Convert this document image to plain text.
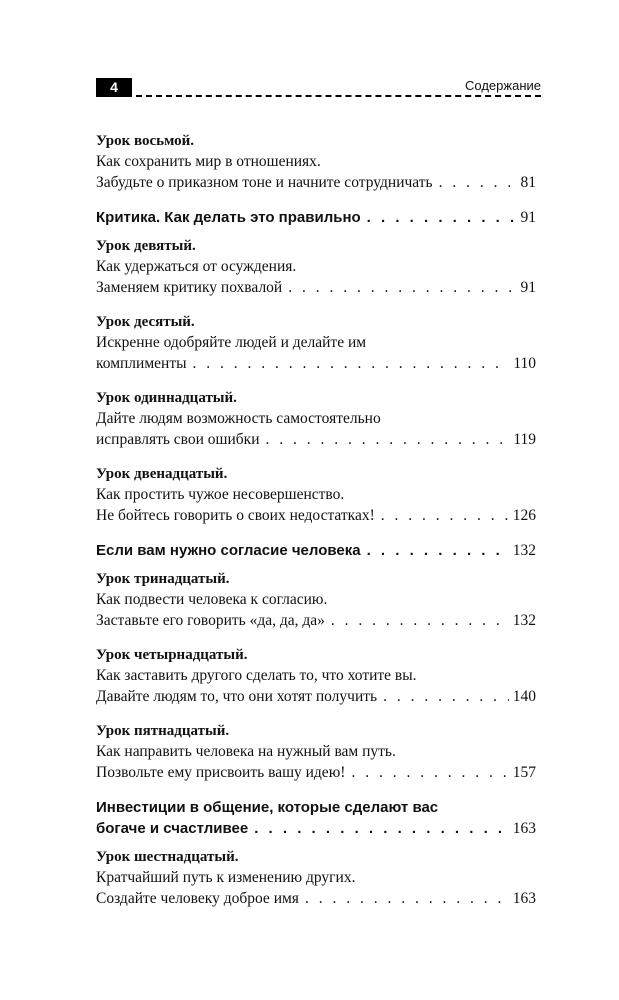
4	Содержание
Урок восьмой.
Как сохранить мир в отношениях.
Забудьте о приказном тоне и начните сотрудничать . . .	81
Критика. Как делать это правильно . . .	91
Урок девятый.
Как удержаться от осуждения.
Заменяем критику похвалой . . .	91
Урок десятый.
Искренне одобряйте людей и делайте им
комплименты . . .	110
Урок одиннадцатый.
Дайте людям возможность самостоятельно
исправлять свои ошибки . . .	119
Урок двенадцатый.
Как простить чужое несовершенство.
Не бойтесь говорить о своих недостатках! . . .	126
Если вам нужно согласие человека . . .	132
Урок тринадцатый.
Как подвести человека к согласию.
Заставьте его говорить «да, да, да» . . .	132
Урок четырнадцатый.
Как заставить другого сделать то, что хотите вы.
Давайте людям то, что они хотят получить . . .	140
Урок пятнадцатый.
Как направить человека на нужный вам путь.
Позвольте ему присвоить вашу идею! . . .	157
Инвестиции в общение, которые сделают вас
богаче и счастливее . . .	163
Урок шестнадцатый.
Кратчайший путь к изменению других.
Создайте человеку доброе имя . . .	163
